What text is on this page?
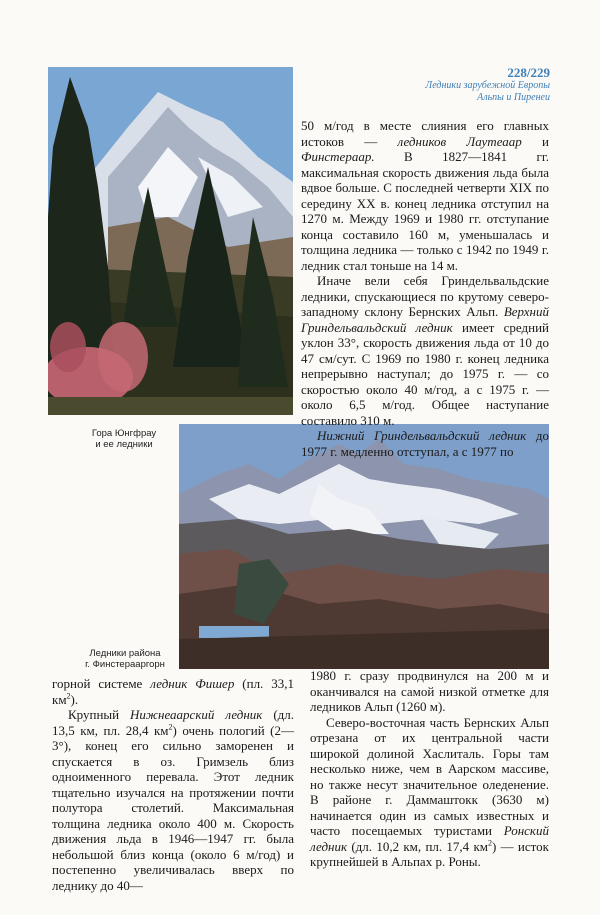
228/229
Ледники зарубежной Европы
Альпы и Пиренеи
Гора Юнгфрау
и ее ледники
Ледники района
г. Финстерааргорн

50 м/год в месте слияния его главных истоков — ледников Лаутеаар и Финстераар. В 1827—1841 гг. максимальная скорость движения льда была вдвое больше. С последней четверти XIX по середину XX в. конец ледника отступил на 1270 м. Между 1969 и 1980 гг. отступание конца составило 160 м, уменьшалась и толщина ледника — только с 1942 по 1949 г. ледник стал тоньше на 14 м.

Иначе вели себя Гриндельвальдские ледники, спускающиеся по крутому северо-западному склону Бернских Альп. Верхний Гриндельвальдский ледник имеет средний уклон 33°, скорость движения льда от 10 до 47 см/сут. С 1969 по 1980 г. конец ледника непрерывно наступал; до 1975 г. — со скоростью около 40 м/год, а с 1975 г. — около 6,5 м/год. Общее наступание составило 310 м.

Нижний Гриндельвальдский ледник до 1977 г. медленно отступал, а с 1977 по

горной системе ледник Фишер (пл. 33,1 $км^2$).

Крупный Нижнеаарский ледник (дл. 13,5 км, пл. 28,4 $км^2$) очень пологий (2—3°), конец его сильно заморенен и спускается в оз. Гримзель близ одноименного перевала. Этот ледник тщательно изучался на протяжении почти полутора столетий. Максимальная толщина ледника около 400 м. Скорость движения льда в 1946—1947 гг. была небольшой близ конца (около 6 м/год) и постепенно увеличивалась вверх по леднику до 40—

1980 г. сразу продвинулся на 200 м и оканчивался на самой низкой отметке для ледников Альп (1260 м).

Северо-восточная часть Бернских Альп отрезана от их центральной части широкой долиной Хаслиталь. Горы там несколько ниже, чем в Аарском массиве, но также несут значительное оледенение. В районе г. Даммаштокк (3630 м) начинается один из самых известных и часто посещаемых туристами Ронский ледник (дл. 10,2 км, пл. 17,4 $км^2$) — исток крупнейшей в Альпах р. Роны.
